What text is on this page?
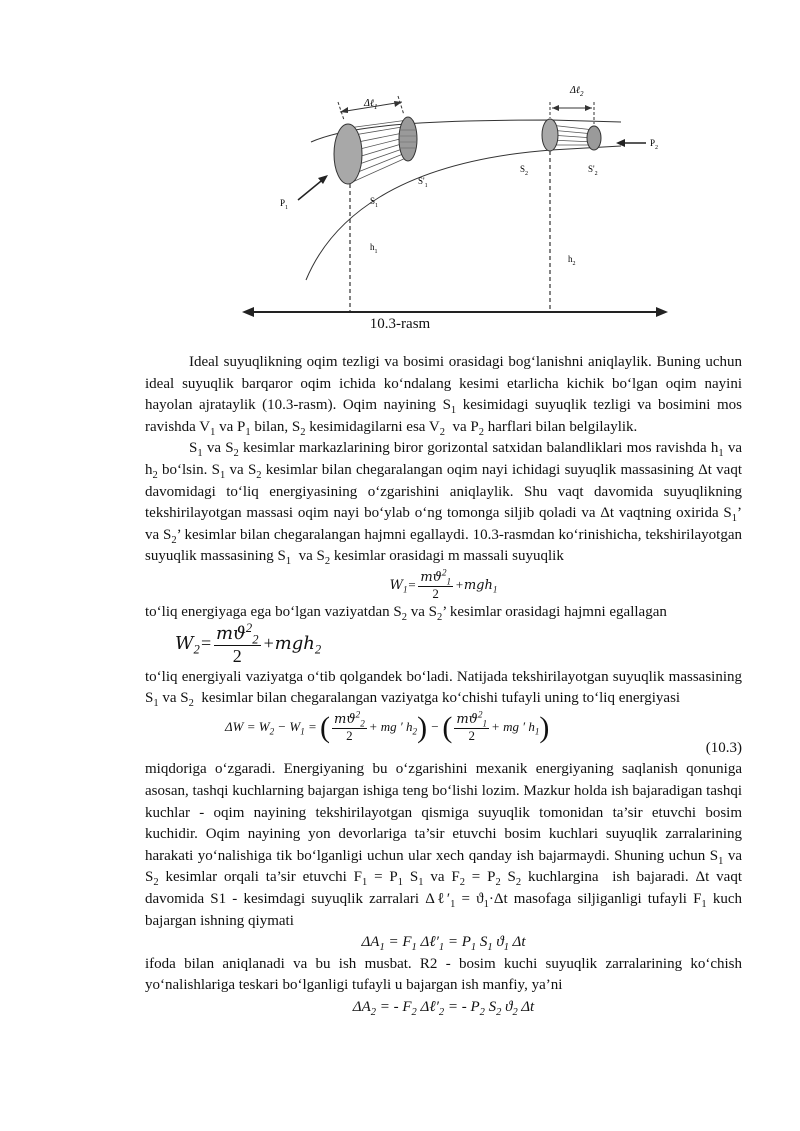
Δℓ$_1$
Δℓ$_2$
$P_1$
$P_2$
$S_1$
$S'_1$
$S_2$	$S'_2$
$h_1$
$h_2$
10.3-rasm

Ideal suyuqlikning oqim tezligi va bosimi orasidagi bog‘lanishni aniqlaylik. Buning uchun ideal suyuqlik barqaror oqim ichida ko‘ndalang kesimi etarlicha kichik bo‘lgan oqim nayini hayolan ajrataylik (10.3-rasm). Oqim nayining $S_1$ kesimidagi suyuqlik tezligi va bosimini mos ravishda $V_1$ va $P_1$ bilan, $S_2$ kesimidagilarni esa $V_2$  va $P_2$ harflari bilan belgilaylik.

$S_1$ va $S_2$ kesimlar markazlarining biror gorizontal satxidan balandliklari mos ravishda $h_1$ va $h_2$ bo‘lsin. $S_1$ va $S_2$ kesimlar bilan chegaralangan oqim nayi ichidagi suyuqlik massasining Δt vaqt davomidagi to‘liq energiyasining o‘zgarishini aniqlaylik. Shu vaqt davomida suyuqlikning tekshirilayotgan massasi oqim nayi bo‘ylab o‘ng tomonga siljib qoladi va Δt vaqtning oxirida $S_1$’ va $S_2$’ kesimlar bilan chegaralangan hajmni egallaydi. 10.3-rasmdan ko‘rinishicha, tekshirilayotgan suyuqlik massasining $S_1$  va $S_2$ kesimlar orasidagi m massali suyuqlik

$W_1= \frac{mϑ^2_1}{2} +mgh_1$

to‘liq energiyaga ega bo‘lgan vaziyatdan $S_2$ va $S_2$’ kesimlar orasidagi hajmni egallagan

$W_2= \frac{mϑ^2_2}{2} +mgh_2$

to‘liq energiyali vaziyatga o‘tib qolgandek bo‘ladi. Natijada tekshirilayotgan suyuqlik massasining $S_1$ va $S_2$  kesimlar bilan chegaralangan vaziyatga ko‘chishi tufayli uning to‘liq energiyasi

$\Delta W = W_2 - W_1$ = ( $\frac{mϑ^2_2}{2}$ + mg ′ $h_2$) − ( $\frac{mϑ^2_1}{2}$ + mg ′ $h_1$)

(10.3)

miqdoriga o‘zgaradi. Energiyaning bu o‘zgarishini mexanik energiyaning saqlanish qonuniga asosan, tashqi kuchlarning bajargan ishiga teng bo‘lishi lozim. Mazkur holda ish bajaradigan tashqi kuchlar - oqim nayining tekshirilayotgan qismiga suyuqlik tomonidan ta’sir etuvchi bosim kuchidir. Oqim nayining yon devorlariga ta’sir etuvchi bosim kuchlari suyuqlik zarralarining harakati yo‘nalishiga tik bo‘lganligi uchun ular xech qanday ish bajarmaydi. Shuning uchun $S_1$ va $S_2$ kesimlar orqali ta’sir etuvchi $F_1 = P_1$ $S_1$ va $F_2 = P_2$ $S_2$ kuchlargina  ish bajaradi. Δt vaqt davomida S1 - kesimdagi suyuqlik zarralari $\Delta\ell'_1 = ϑ_1\cdot\Delta t$ masofaga siljiganligi tufayli $F_1$ kuch bajargan ishning qiymati

$\Delta A_1 = F_1$ $\Delta\ell'_1 = P_1$ $S_1$ $ϑ_1$ Δt

ifoda bilan aniqlanadi va bu ish musbat. R2 - bosim kuchi suyuqlik zarralarining ko‘chish yo‘nalishlariga teskari bo‘lganligi tufayli u bajargan ish manfiy, ya’ni

$\Delta A_2$ = - $F_2$ $\Delta\ell'_2$ = - $P_2$ $S_2$ $ϑ_2$ Δt
